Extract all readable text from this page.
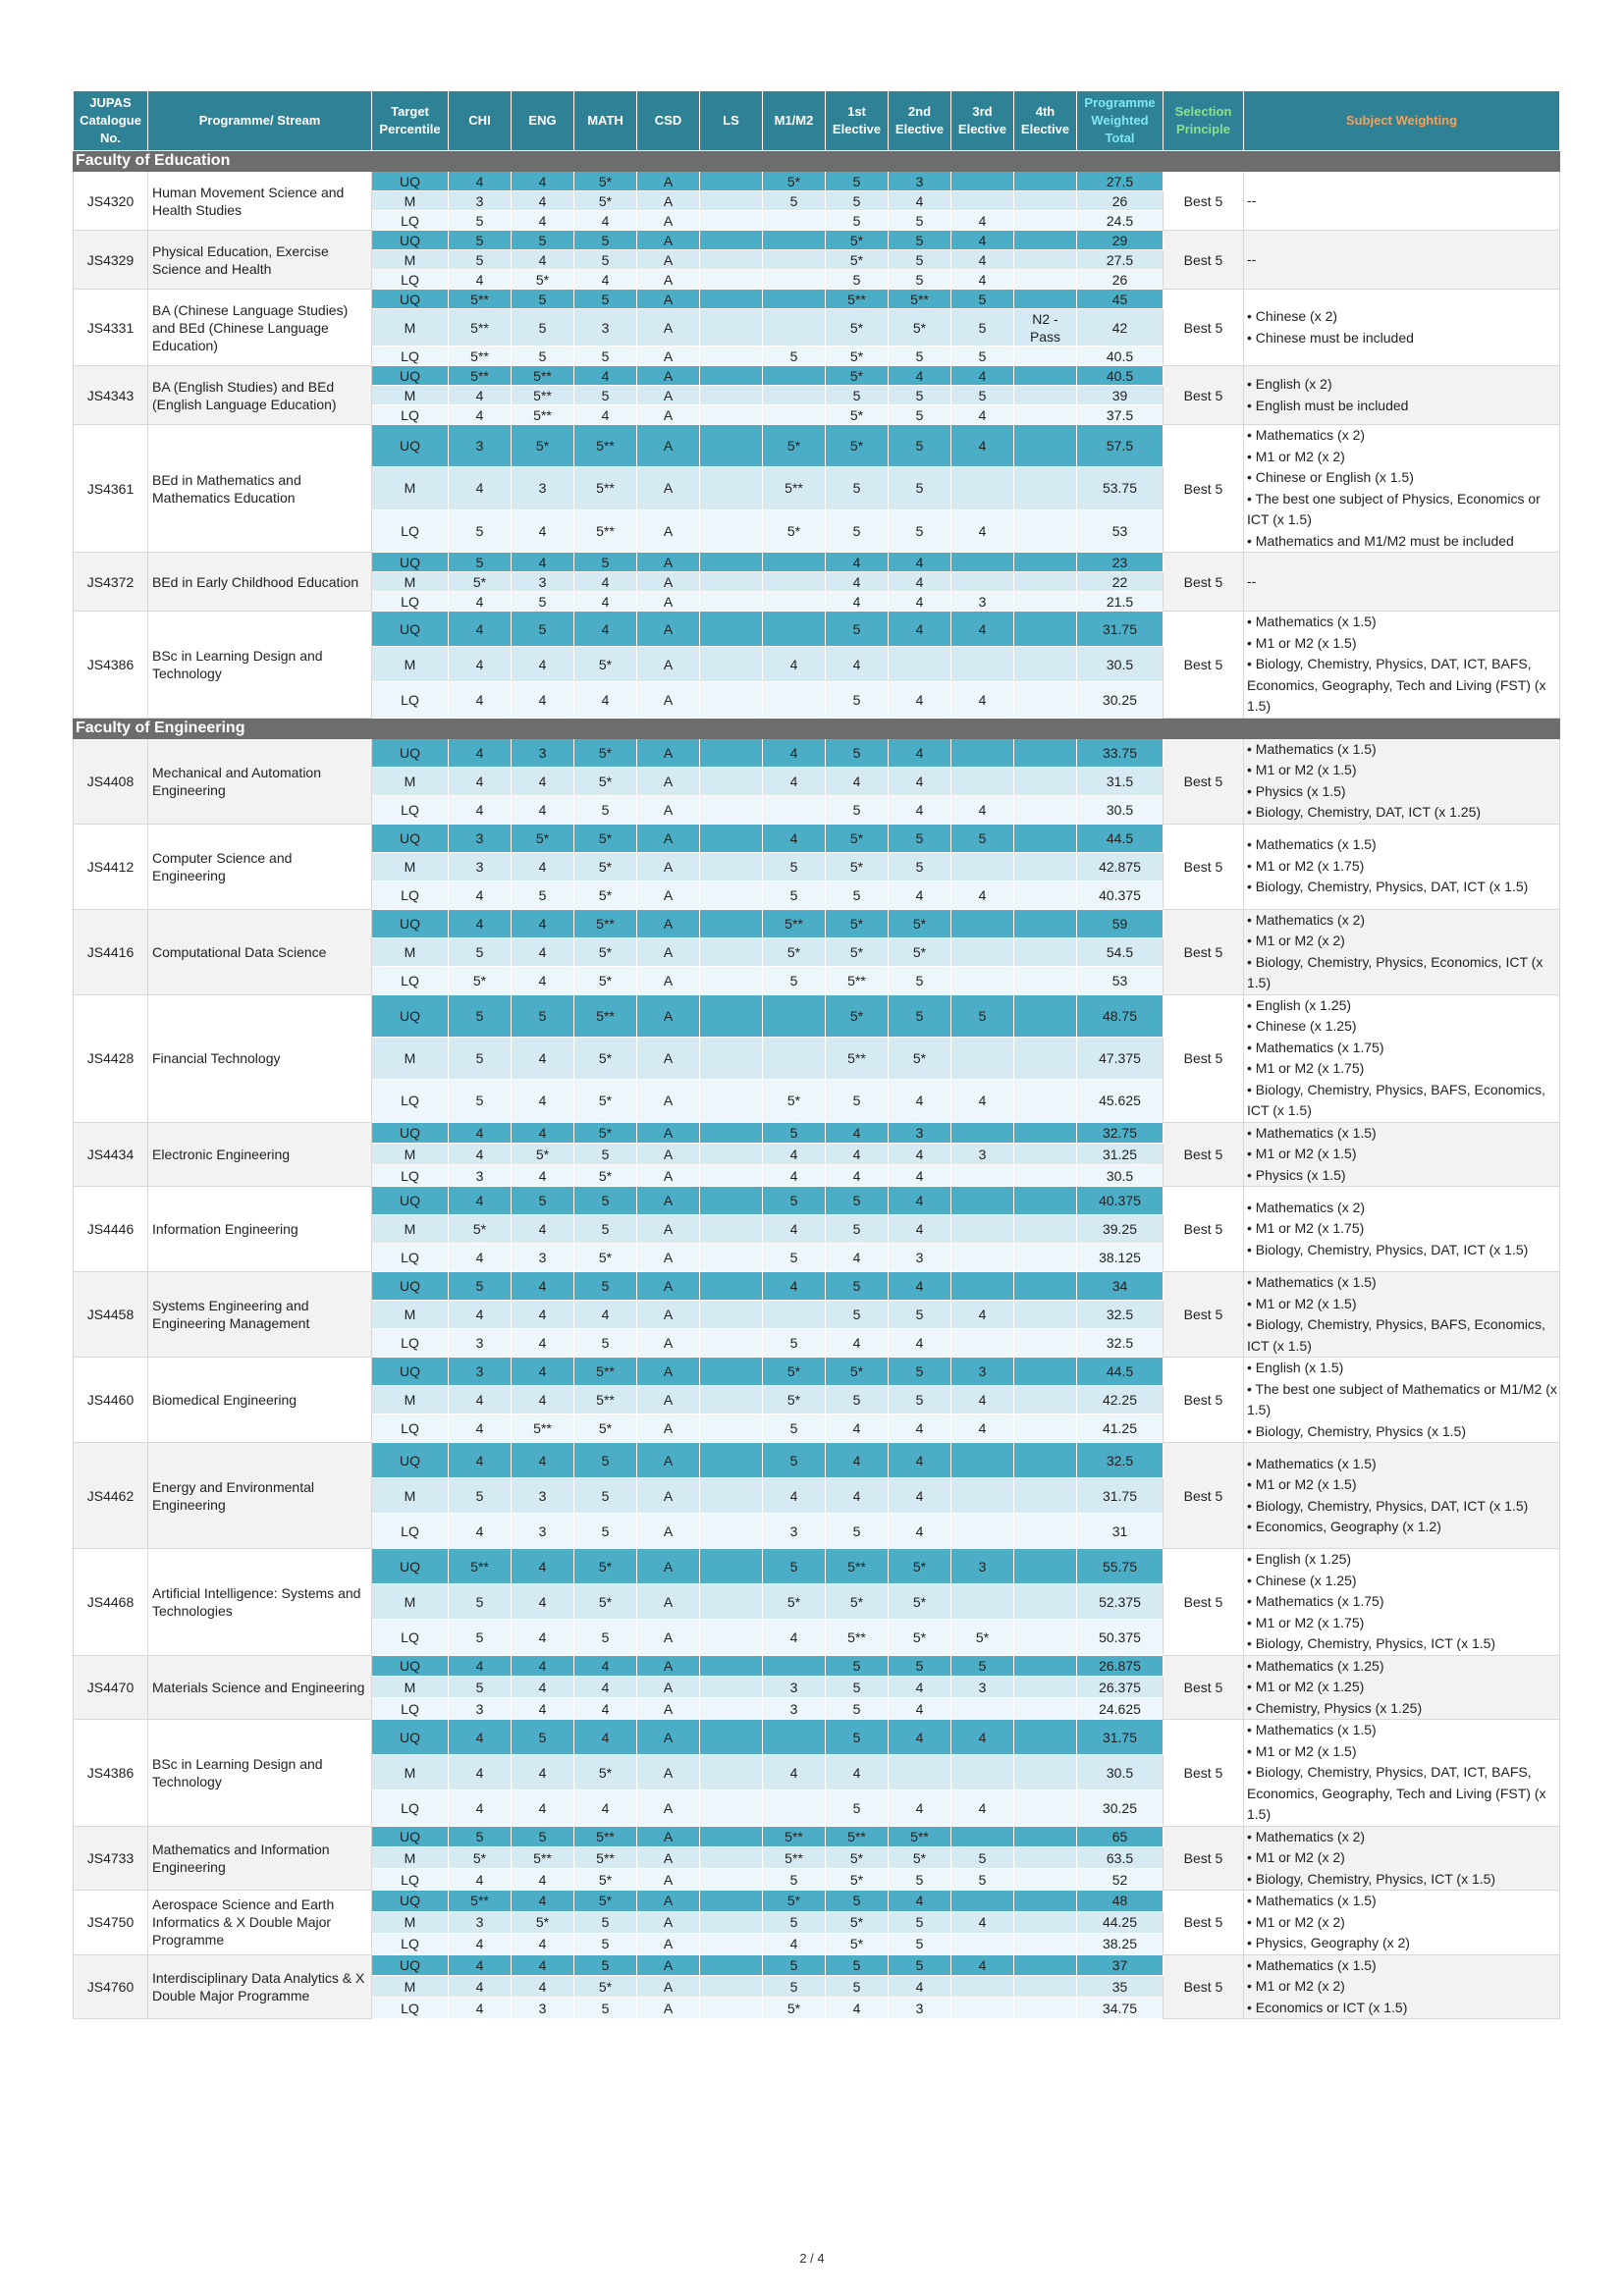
JUPAS Catalogue No.	Programme/ Stream	Target Percentile	CHI	ENG	MATH	CSD	LS	M1/M2	1st Elective	2nd Elective	3rd Elective	4th Elective	Programme Weighted Total	Selection Principle	Subject Weighting
Faculty of Education															
JS4320	Human Movement Science and Health Studies	UQ	4	4	5*	A		5*	5	3			27.5	Best 5	--

		M	3	4	5*	A		5	5	4			26		
		LQ	5	4	4	A			5	5	4		24.5		
JS4329	Physical Education, Exercise Science and Health	UQ	5	5	5	A			5*	5	4		29	Best 5	--

		M	5	4	5	A			5*	5	4		27.5		
		LQ	4	5*	4	A			5	5	4		26		
JS4331	BA (Chinese Language Studies) and BEd (Chinese Language Education)	UQ	5**	5	5	A			5**	5**	5		45	Best 5	• Chinese (x 2)
• Chinese must be included

		M	5**	5	3	A			5*	5*	5	N2 - Pass	42		
		LQ	5**	5	5	A		5	5*	5	5		40.5		
JS4343	BA (English Studies) and BEd (English Language Education)	UQ	5**	5**	4	A			5*	4	4		40.5	Best 5	• English (x 2)
• English must be included

		M	4	5**	5	A			5	5	5		39		
		LQ	4	5**	4	A			5*	5	4		37.5		
JS4361	BEd in Mathematics and Mathematics Education	UQ	3	5*	5**	A		5*	5*	5	4		57.5	Best 5	• Mathematics (x 2)
• M1 or M2 (x 2)
• Chinese or English (x 1.5)
• The best one subject of Physics, Economics or ICT (x 1.5)
• Mathematics and M1/M2 must be included

		M	4	3	5**	A		5**	5	5			53.75		
		LQ	5	4	5**	A		5*	5	5	4		53		
JS4372	BEd in Early Childhood Education	UQ	5	4	5	A			4	4			23	Best 5	--

		M	5*	3	4	A			4	4			22		
		LQ	4	5	4	A			4	4	3		21.5		
JS4386	BSc in Learning Design and Technology	UQ	4	5	4	A			5	4	4		31.75	Best 5	• Mathematics (x 1.5)
• M1 or M2 (x 1.5)
• Biology, Chemistry, Physics, DAT, ICT, BAFS, Economics, Geography, Tech and Living (FST) (x 1.5)

		M	4	4	5*	A		4	4				30.5		
		LQ	4	4	4	A			5	4	4		30.25		
Faculty of Engineering															
JS4408	Mechanical and Automation Engineering	UQ	4	3	5*	A		4	5	4			33.75	Best 5	• Mathematics (x 1.5)
• M1 or M2 (x 1.5)
• Physics (x 1.5)
• Biology, Chemistry, DAT, ICT (x 1.25)

		M	4	4	5*	A		4	4	4			31.5		
		LQ	4	4	5	A			5	4	4		30.5		
JS4412	Computer Science and Engineering	UQ	3	5*	5*	A		4	5*	5	5		44.5	Best 5	• Mathematics (x 1.5)
• M1 or M2 (x 1.75)
• Biology, Chemistry, Physics, DAT, ICT (x 1.5)

		M	3	4	5*	A		5	5*	5			42.875		
		LQ	4	5	5*	A		5	5	4	4		40.375		
JS4416	Computational Data Science	UQ	4	4	5**	A		5**	5*	5*			59	Best 5	• Mathematics (x 2)
• M1 or M2 (x 2)
• Biology, Chemistry, Physics, Economics, ICT (x 1.5)

		M	5	4	5*	A		5*	5*	5*			54.5		
		LQ	5*	4	5*	A		5	5**	5			53		
JS4428	Financial Technology	UQ	5	5	5**	A			5*	5	5		48.75	Best 5	• English (x 1.25)
• Chinese (x 1.25)
• Mathematics (x 1.75)
• M1 or M2 (x 1.75)
• Biology, Chemistry, Physics, BAFS, Economics, ICT (x 1.5)

		M	5	4	5*	A			5**	5*			47.375		
		LQ	5	4	5*	A		5*	5	4	4		45.625		
JS4434	Electronic Engineering	UQ	4	4	5*	A		5	4	3			32.75	Best 5	• Mathematics (x 1.5)
• M1 or M2 (x 1.5)
• Physics (x 1.5)

		M	4	5*	5	A		4	4	4	3		31.25		
		LQ	3	4	5*	A		4	4	4			30.5		
JS4446	Information Engineering	UQ	4	5	5	A		5	5	4			40.375	Best 5	• Mathematics (x 2)
• M1 or M2 (x 1.75)
• Biology, Chemistry, Physics, DAT, ICT (x 1.5)

		M	5*	4	5	A		4	5	4			39.25		
		LQ	4	3	5*	A		5	4	3			38.125		
JS4458	Systems Engineering and Engineering Management	UQ	5	4	5	A		4	5	4			34	Best 5	• Mathematics (x 1.5)
• M1 or M2 (x 1.5)
• Biology, Chemistry, Physics, BAFS, Economics, ICT (x 1.5)

		M	4	4	4	A			5	5	4		32.5		
		LQ	3	4	5	A		5	4	4			32.5		
JS4460	Biomedical Engineering	UQ	3	4	5**	A		5*	5*	5	3		44.5	Best 5	• English (x 1.5)
• The best one subject of Mathematics or M1/M2 (x 1.5)
• Biology, Chemistry, Physics (x 1.5)

		M	4	4	5**	A		5*	5	5	4		42.25		
		LQ	4	5**	5*	A		5	4	4	4		41.25		
JS4462	Energy and Environmental Engineering	UQ	4	4	5	A		5	4	4			32.5	Best 5	• Mathematics (x 1.5)
• M1 or M2 (x 1.5)
• Biology, Chemistry, Physics, DAT, ICT (x 1.5)
• Economics, Geography (x 1.2)

		M	5	3	5	A		4	4	4			31.75		
		LQ	4	3	5	A		3	5	4			31		
JS4468	Artificial Intelligence: Systems and Technologies	UQ	5**	4	5*	A		5	5**	5*	3		55.75	Best 5	• English (x 1.25)
• Chinese (x 1.25)
• Mathematics (x 1.75)
• M1 or M2 (x 1.75)
• Biology, Chemistry, Physics, ICT (x 1.5)

		M	5	4	5*	A		5*	5*	5*			52.375		
		LQ	5	4	5	A		4	5**	5*	5*		50.375		
JS4470	Materials Science and Engineering	UQ	4	4	4	A			5	5	5		26.875	Best 5	• Mathematics (x 1.25)
• M1 or M2 (x 1.25)
• Chemistry, Physics (x 1.25)

		M	5	4	4	A		3	5	4	3		26.375		
		LQ	3	4	4	A		3	5	4			24.625		
JS4386	BSc in Learning Design and Technology	UQ	4	5	4	A			5	4	4		31.75	Best 5	• Mathematics (x 1.5)
• M1 or M2 (x 1.5)
• Biology, Chemistry, Physics, DAT, ICT, BAFS, Economics, Geography, Tech and Living (FST) (x 1.5)

		M	4	4	5*	A		4	4				30.5		
		LQ	4	4	4	A			5	4	4		30.25		
JS4733	Mathematics and Information Engineering	UQ	5	5	5**	A		5**	5**	5**			65	Best 5	• Mathematics (x 2)
• M1 or M2 (x 2)
• Biology, Chemistry, Physics, ICT (x 1.5)

		M	5*	5**	5**	A		5**	5*	5*	5		63.5		
		LQ	4	4	5*	A		5	5*	5	5		52		
JS4750	Aerospace Science and Earth Informatics & X Double Major Programme	UQ	5**	4	5*	A		5*	5	4			48	Best 5	• Mathematics (x 1.5)
• M1 or M2 (x 2)
• Physics, Geography (x 2)

		M	3	5*	5	A		5	5*	5	4		44.25		
		LQ	4	4	5	A		4	5*	5			38.25		
JS4760	Interdisciplinary Data Analytics & X Double Major Programme	UQ	4	4	5	A		5	5	5	4		37	Best 5	• Mathematics (x 1.5)
• M1 or M2 (x 2)
• Economics or ICT (x 1.5)

		M	4	4	5*	A		5	5	4			35		
		LQ	4	3	5	A		5*	4	3			34.75		
2 / 4
